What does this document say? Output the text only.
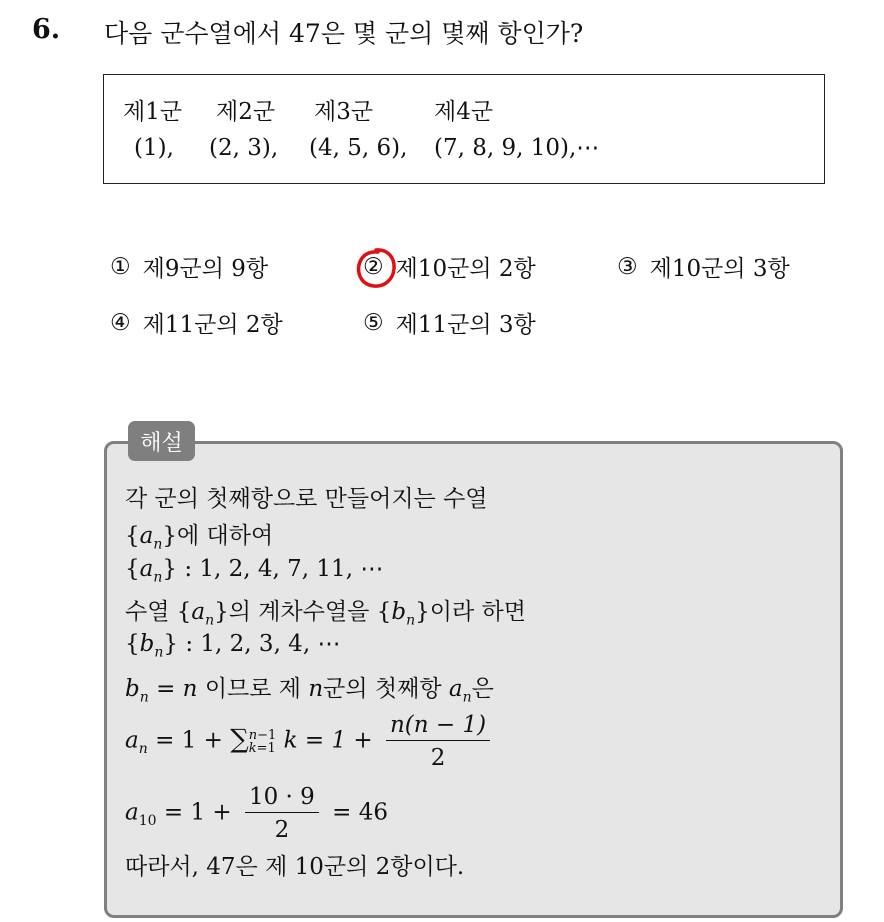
6. 다음 군수열에서 47은 몇 군의 몇째 항인가?
제1군 제2군 제3군	제4군
(1), (2, 3), (4, 5, 6), (7, 8, 9, 10),⋯
① 제9군의 9항	② 제10군의 2항	③ 제10군의 3항
④ 제11군의 2항	⑤ 제11군의 3항
해설
각 군의 첫째항으로 만들어지는 수열
$\{a_n\}$에 대하여
$\{a_n\}$ : 1, 2, 4, 7, 11, ⋯
수열 $\{a_n\}$의 계차수열을 $\{b_n\}$이라 하면
$\{b_n\}$ : 1, 2, 3, 4, ⋯
$b_n = n$ 이므로 제 n군의 첫째항 $a_n$은
$a_n = 1 + \sum n-1$
k=1 $k = 1 + \frac{n(n - 1)}{2}$
$a_{10} = 1 + \frac{10 \cdot 9}{2} = 46$
따라서, 47은 제 10군의 2항이다.
